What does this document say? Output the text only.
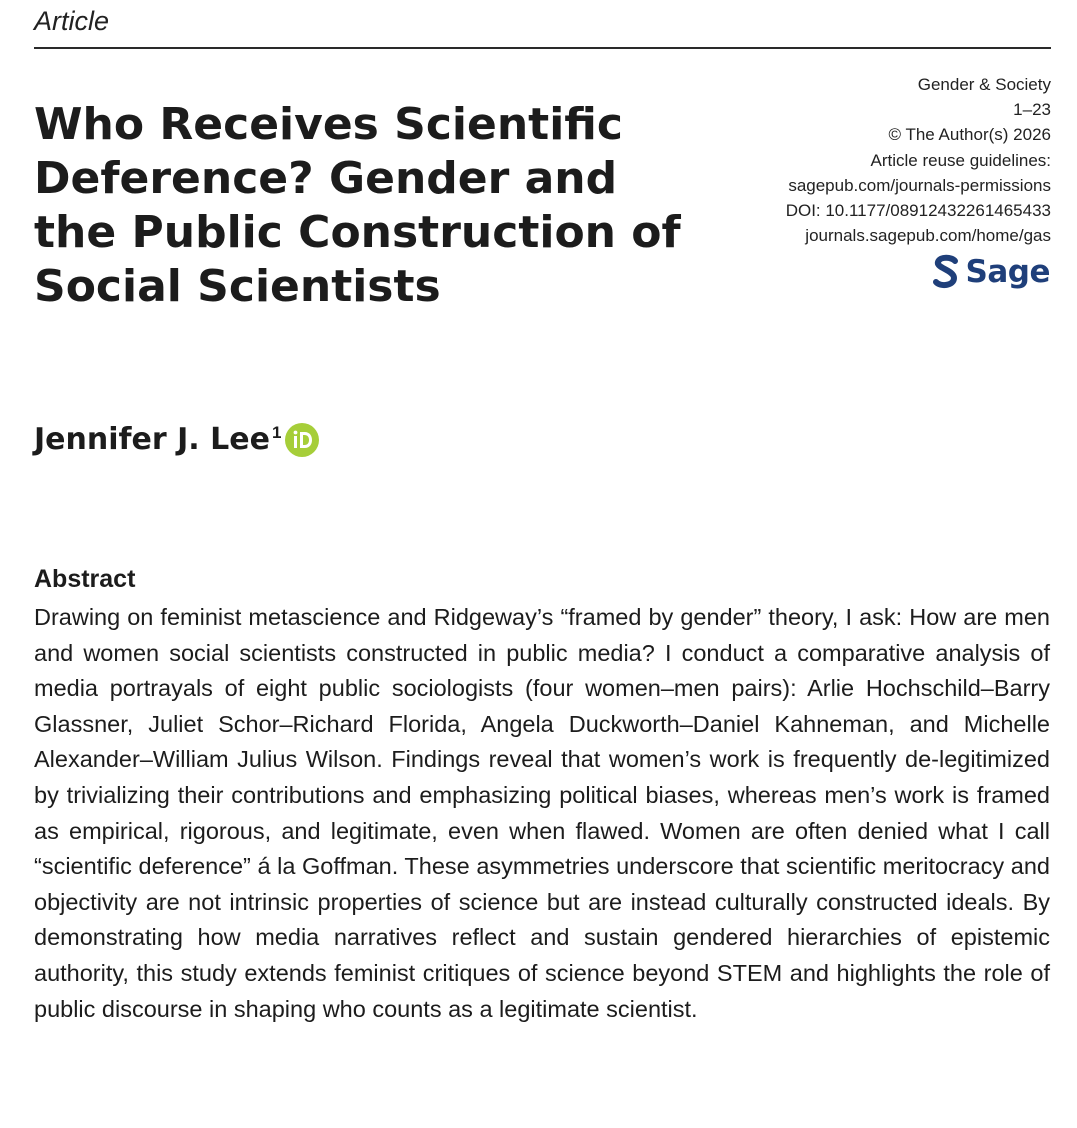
Article
Who Receives Scientific Deference? Gender and the Public Construction of Social Scientists
Gender & Society
1–23
© The Author(s) 2026
Article reuse guidelines:
sagepub.com/journals-permissions
DOI: 10.1177/08912432261465433
journals.sagepub.com/home/gas
Sage
Jennifer J. Lee 1
Abstract

Drawing on feminist metascience and Ridgeway’s “framed by gender” theory, I ask: How are men and women social scientists constructed in public media? I conduct a comparative analysis of media portrayals of eight public sociologists (four women–men pairs): Arlie Hochschild–Barry Glassner, Juliet Schor–Richard Florida, Angela Duckworth–Daniel Kahneman, and Michelle Alexander–William Julius Wilson. Findings reveal that women’s work is frequently de-legitimized by trivializing their contributions and emphasizing political biases, whereas men’s work is framed as empirical, rigorous, and legitimate, even when flawed. Women are often denied what I call “scientific deference” á la Goffman. These asymmetries underscore that scientific meritocracy and objectivity are not intrinsic properties of science but are instead culturally constructed ideals. By demonstrating how media narratives reflect and sustain gendered hierarchies of epistemic authority, this study extends feminist critiques of science beyond STEM and highlights the role of public discourse in shaping who counts as a legitimate scientist.
